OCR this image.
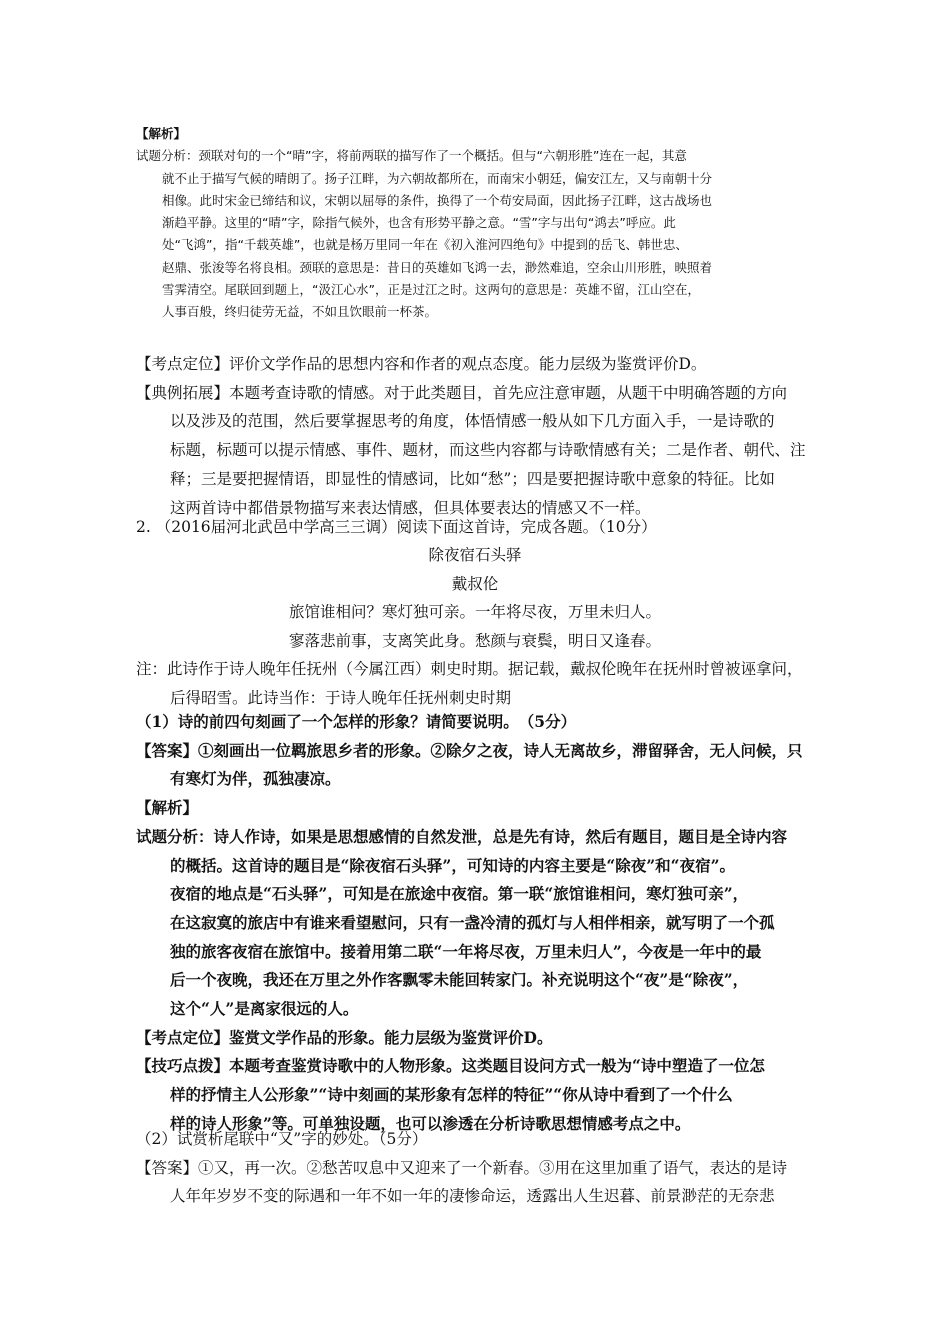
【解析】
试题分析：颈联对句的一个“晴”字，将前两联的描写作了一个概括。但与“六朝形胜”连在一起，其意
就不止于描写气候的晴朗了。扬子江畔，为六朝故都所在，而南宋小朝廷，偏安江左，又与南朝十分
相像。此时宋金已缔结和议，宋朝以屈辱的条件，换得了一个苟安局面，因此扬子江畔，这古战场也
渐趋平静。这里的“晴”字，除指气候外，也含有形势平静之意。“雪”字与出句“鸿去”呼应。此
处“飞鸿”，指“千载英雄”，也就是杨万里同一年在《初入淮河四绝句》中提到的岳飞、韩世忠、
赵鼎、张浚等名将良相。颈联的意思是：昔日的英雄如飞鸿一去，渺然难追，空余山川形胜，映照着
雪霁清空。尾联回到题上，“汲江心水”，正是过江之时。这两句的意思是：英雄不留，江山空在，
人事百般，终归徒劳无益，不如且饮眼前一杯茶。
【考点定位】评价文学作品的思想内容和作者的观点态度。能力层级为鉴赏评价D。
【典例拓展】本题考查诗歌的情感。对于此类题目，首先应注意审题，从题干中明确答题的方向
以及涉及的范围，然后要掌握思考的角度，体悟情感一般从如下几方面入手，一是诗歌的
标题，标题可以提示情感、事件、题材，而这些内容都与诗歌情感有关；二是作者、朝代、注
释；三是要把握情语，即显性的情感词，比如“愁”；四是要把握诗歌中意象的特征。比如
这两首诗中都借景物描写来表达情感，但具体要表达的情感又不一样。
2. （2016届河北武邑中学高三三调）阅读下面这首诗，完成各题。（10分）
除夜宿石头驿
戴叔伦
旅馆谁相问？寒灯独可亲。一年将尽夜，万里未归人。
寥落悲前事，支离笑此身。愁颜与衰鬓，明日又逢春。
注：此诗作于诗人晚年任抚州（今属江西）刺史时期。据记载，戴叔伦晚年在抚州时曾被诬拿问，
后得昭雪。此诗当作：于诗人晚年任抚州刺史时期
（1）诗的前四句刻画了一个怎样的形象？请简要说明。　（5分）
【答案】①刻画出一位羁旅思乡者的形象。②除夕之夜，诗人无离故乡，滞留驿舍，无人问候，只
有寒灯为伴，孤独凄凉。
【解析】
试题分析：诗人作诗，如果是思想感情的自然发泄，总是先有诗，然后有题目，题目是全诗内容
的概括。这首诗的题目是“除夜宿石头驿”，可知诗的内容主要是“除夜”和“夜宿”。
夜宿的地点是“石头驿”，可知是在旅途中夜宿。第一联“旅馆谁相问，寒灯独可亲”，
在这寂寞的旅店中有谁来看望慰问，只有一盏冷清的孤灯与人相伴相亲，就写明了一个孤
独的旅客夜宿在旅馆中。接着用第二联“一年将尽夜，万里未归人”，今夜是一年中的最
后一个夜晚，我还在万里之外作客飘零未能回转家门。补充说明这个“夜”是“除夜”，
这个“人”是离家很远的人。
【考点定位】鉴赏文学作品的形象。能力层级为鉴赏评价D。
【技巧点拨】本题考查鉴赏诗歌中的人物形象。这类题目设问方式一般为“诗中塑造了一位怎
样的抒情主人公形象”“诗中刻画的某形象有怎样的特征”“你从诗中看到了一个什么
样的诗人形象”等。可单独设题，也可以渗透在分析诗歌思想情感考点之中。
（2）试赏析尾联中“又”字的妙处。（5分）
【答案】①又，再一次。②愁苦叹息中又迎来了一个新春。③用在这里加重了语气，表达的是诗
人年年岁岁不变的际遇和一年不如一年的凄惨命运，透露出人生迟暮、前景渺茫的无奈悲
